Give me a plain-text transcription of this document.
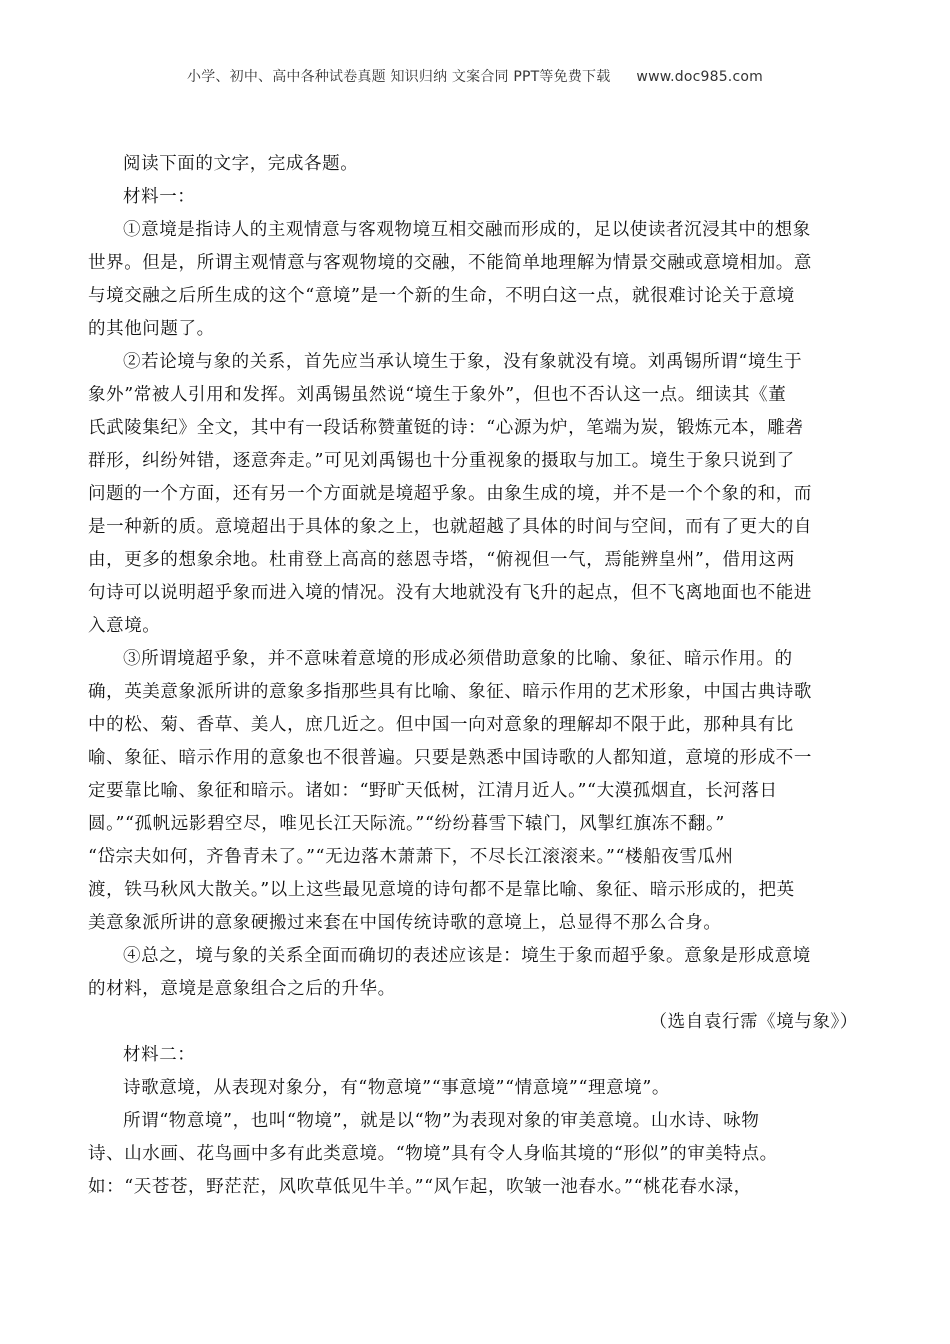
小学、初中、高中各种试卷真题 知识归纳 文案合同 PPT等免费下载 www.doc985.com
阅读下面的文字，完成各题。
材料一：
①意境是指诗人的主观情意与客观物境互相交融而形成的，足以使读者沉浸其中的想象
世界。但是，所谓主观情意与客观物境的交融，不能简单地理解为情景交融或意境相加。意
与境交融之后所生成的这个“意境”是一个新的生命，不明白这一点，就很难讨论关于意境
的其他问题了。
②若论境与象的关系，首先应当承认境生于象，没有象就没有境。刘禹锡所谓“境生于
象外”常被人引用和发挥。刘禹锡虽然说“境生于象外”，但也不否认这一点。细读其《董
氏武陵集纪》全文，其中有一段话称赞董铤的诗：“心源为炉，笔端为炭，锻炼元本，雕砻
群形，纠纷舛错，逐意奔走。”可见刘禹锡也十分重视象的摄取与加工。境生于象只说到了
问题的一个方面，还有另一个方面就是境超乎象。由象生成的境，并不是一个个象的和，而
是一种新的质。意境超出于具体的象之上，也就超越了具体的时间与空间，而有了更大的自
由，更多的想象余地。杜甫登上高高的慈恩寺塔，“俯视但一气，焉能辨皇州”，借用这两
句诗可以说明超乎象而进入境的情况。没有大地就没有飞升的起点，但不飞离地面也不能进
入意境。
③所谓境超乎象，并不意味着意境的形成必须借助意象的比喻、象征、暗示作用。的
确，英美意象派所讲的意象多指那些具有比喻、象征、暗示作用的艺术形象，中国古典诗歌
中的松、菊、香草、美人，庶几近之。但中国一向对意象的理解却不限于此，那种具有比
喻、象征、暗示作用的意象也不很普遍。只要是熟悉中国诗歌的人都知道，意境的形成不一
定要靠比喻、象征和暗示。诸如：“野旷天低树，江清月近人。”“大漠孤烟直，长河落日
圆。”“孤帆远影碧空尽，唯见长江天际流。”“纷纷暮雪下辕门，风掣红旗冻不翻。”
“岱宗夫如何，齐鲁青未了。”“无边落木萧萧下，不尽长江滚滚来。”“楼船夜雪瓜州
渡，铁马秋风大散关。”以上这些最见意境的诗句都不是靠比喻、象征、暗示形成的，把英
美意象派所讲的意象硬搬过来套在中国传统诗歌的意境上，总显得不那么合身。
④总之，境与象的关系全面而确切的表述应该是：境生于象而超乎象。意象是形成意境
的材料，意境是意象组合之后的升华。
（选自袁行霈《境与象》）
材料二：
诗歌意境，从表现对象分，有“物意境”“事意境”“情意境”“理意境”。
所谓“物意境”，也叫“物境”，就是以“物”为表现对象的审美意境。山水诗、咏物
诗、山水画、花鸟画中多有此类意境。“物境”具有令人身临其境的“形似”的审美特点。
如：“天苍苍，野茫茫，风吹草低见牛羊。”“风乍起，吹皱一池春水。”“桃花春水渌，
